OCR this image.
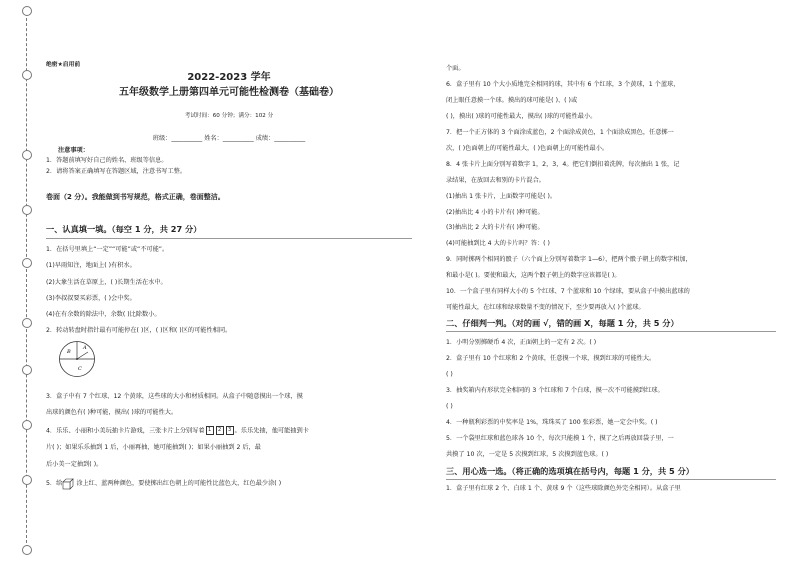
绝密★启用前
2022-2023 学年
五年级数学上册第四单元可能性检测卷（基础卷）
考试时间：60 分钟；满分：102 分
班级：__________ 姓名：__________ 成绩：__________
注意事项：
1．答题前填写好自己的姓名、班级等信息。
2．请将答案正确填写在答题区域，注意书写工整。
卷面（2 分）。我能做到书写规范，格式正确，卷面整洁。
一、认真填一填。（每空 1 分，共 27 分）
1．在括号里填上“一定”“可能”或“不可能”。
(1)早雨知注，地面上( )有积水。
(2)大象生活在草原上，( )长期生活在水中。
(3)李叔叔要买彩票，( )会中奖。
(4)在有余数的除法中，余数( )比除数小。
2．转动转盘时指针最有可能停在( )区，( )区和( )区的可能性相同。
B
A
C
3．盒子中有 7 个红球、12 个黄球，这些球的大小和材质相同。从盒子中随意摸出一个球，摸
出球的颜色有( )种可能，摸出( )球的可能性大。
4．乐乐、小丽和小美玩抽卡片游戏，三张卡片上分别写着 1 2 3 。乐乐先抽，他可能抽到卡
片( )；如果乐乐抽到 1 后，小丽再抽，她可能抽到( )；如果小丽抽到 2 后，最
后小美一定抽到( )。
5．给 涂上红、蓝两种颜色，要使掷出红色朝上的可能性比蓝色大，红色最少涂( )
个面。
6．盒子里有 10 个大小质地完全相同的球，其中有 6 个红球，3 个黄球，1 个蓝球，
闭上眼任意摸一个球。摸出的球可能是( )、( )或
( )，摸出( )球的可能性最大，摸出( )球的可能性最小。
7．把一个正方体的 3 个面涂成蓝色，2 个面涂成黄色，1 个面涂成黑色，任意掷一
次，( )色面朝上的可能性最大，( )色面朝上的可能性最小。
8．4 张卡片上面分别写着数字 1，2，3，4。把它们倒扣着洗牌，每次抽出 1 张，记
录结果，在放回去和别的卡片混合。
(1)抽出 1 张卡片，上面数字可能是( )。
(2)抽出比 4 小的卡片有( )种可能。
(3)抽出比 2 大的卡片有( )种可能。
(4)可能抽到比 4 大的卡片吗？答：( )
9．同时掷两个相同的骰子（六个面上分别写着数字 1—6），把两个骰子朝上的数字相加，
和最小是( )。要使和最大，这两个骰子朝上的数字应该都是( )。
10．一个盒子里有同样大小的 5 个红球、7 个蓝球和 10 个绿球，要从盒子中摸出蓝球的
可能性最大，在红球和绿球数量不变的情况下，至少要再放入( )个蓝球。
二、仔细判一判。（对的画 √，错的画 X，每题 1 分，共 5 分）
1．小明分别掷硬币 4 次，正面朝上的一定有 2 次。( )
2．盒子里有 10 个红球和 2 个黄球，任意摸一个球，摸到红球的可能性大。
( )
3．抽奖箱内有形状完全相同的 3 个红球和 7 个白球，摸一次不可能摸到红球。
( )
4．一种瓶利彩票的中奖率是 1%，珠珠买了 100 张彩票，她一定会中奖。( )
5．一个袋里红球和蓝色球各 10 个，每次只能摸 1 个，摸了之后再放回袋子里，一
共摸了 10 次，一定是 5 次摸到红球，5 次摸到蓝色球。( )
三、用心选一选。（将正确的选项填在括号内，每题 1 分，共 5 分）
1．盒子里有红球 2 个、白球 1 个、黄球 9 个（这些球除颜色外完全相同）。从盒子里
